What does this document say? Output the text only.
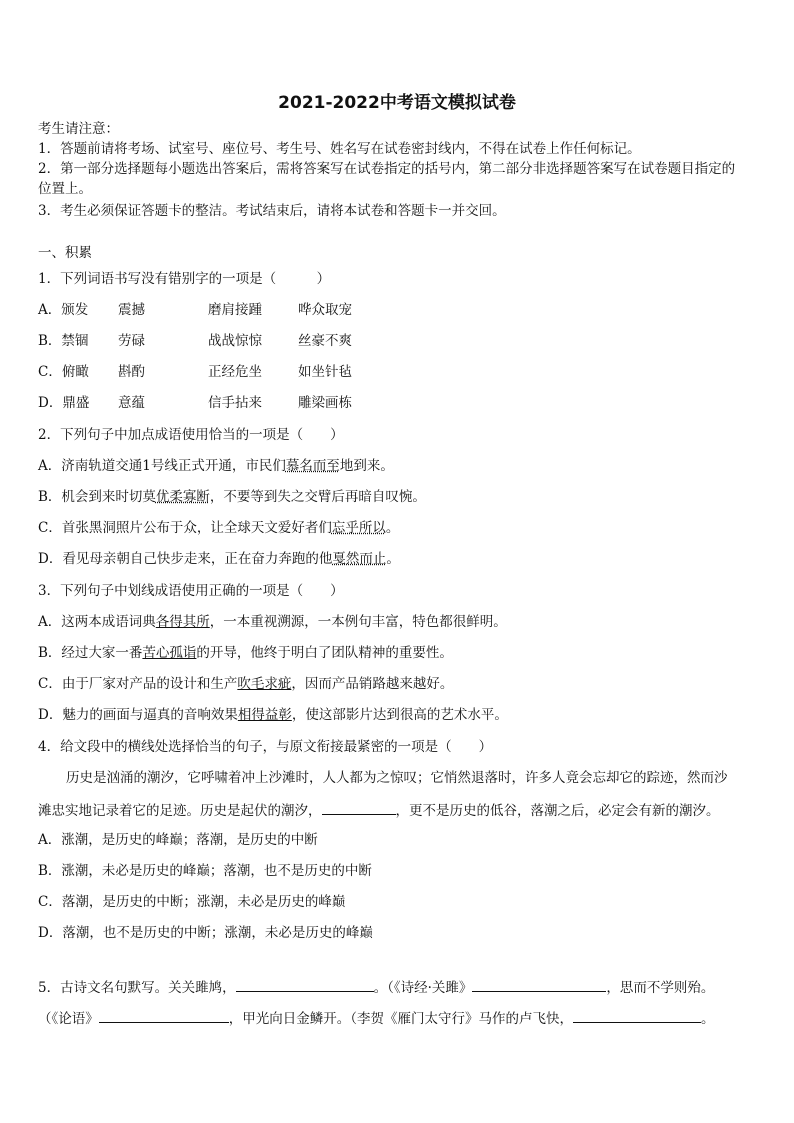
2021-2022中考语文模拟试卷
考生请注意：
1．答题前请将考场、试室号、座位号、考生号、姓名写在试卷密封线内，不得在试卷上作任何标记。
2．第一部分选择题每小题选出答案后，需将答案写在试卷指定的括号内，第二部分非选择题答案写在试卷题目指定的
位置上。
3．考生必须保证答题卡的整洁。考试结束后，请将本试卷和答题卡一并交回。
一、积累
1．下列词语书写没有错别字的一项是（　　　）
A．颁发 震撼	磨肩接踵	哗众取宠
B．禁锢 劳碌	战战惊惊	丝豪不爽
C．俯瞰 斟酌	正经危坐	如坐针毡
D．鼎盛 意蕴	信手拈来	雕梁画栋
2．下列句子中加点成语使用恰当的一项是（　　）
A．济南轨道交通1号线正式开通，市民们慕名而至地到来。
B．机会到来时切莫优柔寡断，不要等到失之交臂后再暗自叹惋。
C．首张黑洞照片公布于众，让全球天文爱好者们忘乎所以。
D．看见母亲朝自己快步走来，正在奋力奔跑的他戛然而止。
3．下列句子中划线成语使用正确的一项是（　　）
A．这两本成语词典各得其所，一本重视溯源，一本例句丰富，特色都很鲜明。
B．经过大家一番苦心孤诣的开导，他终于明白了团队精神的重要性。
C．由于厂家对产品的设计和生产吹毛求疵，因而产品销路越来越好。
D．魅力的画面与逼真的音响效果相得益彰，使这部影片达到很高的艺术水平。
4．给文段中的横线处选择恰当的句子，与原文衔接最紧密的一项是（　　）
历史是汹涌的潮汐，它呼啸着冲上沙滩时，人人都为之惊叹；它悄然退落时，许多人竟会忘却它的踪迹，然而沙
滩忠实地记录着它的足迹。历史是起伏的潮汐，	，更不是历史的低谷，落潮之后，必定会有新的潮汐。
A．涨潮，是历史的峰巅；落潮，是历史的中断
B．涨潮，未必是历史的峰巅；落潮，也不是历史的中断
C．落潮，是历史的中断；涨潮，未必是历史的峰巅
D．落潮，也不是历史的中断；涨潮，未必是历史的峰巅
5．古诗文名句默写。关关雎鸠，	。（《诗经·关雎》	，思而不学则殆。
（《论语》	，甲光向日金鳞开。（李贺《雁门太守行》马作的卢飞快，	。
